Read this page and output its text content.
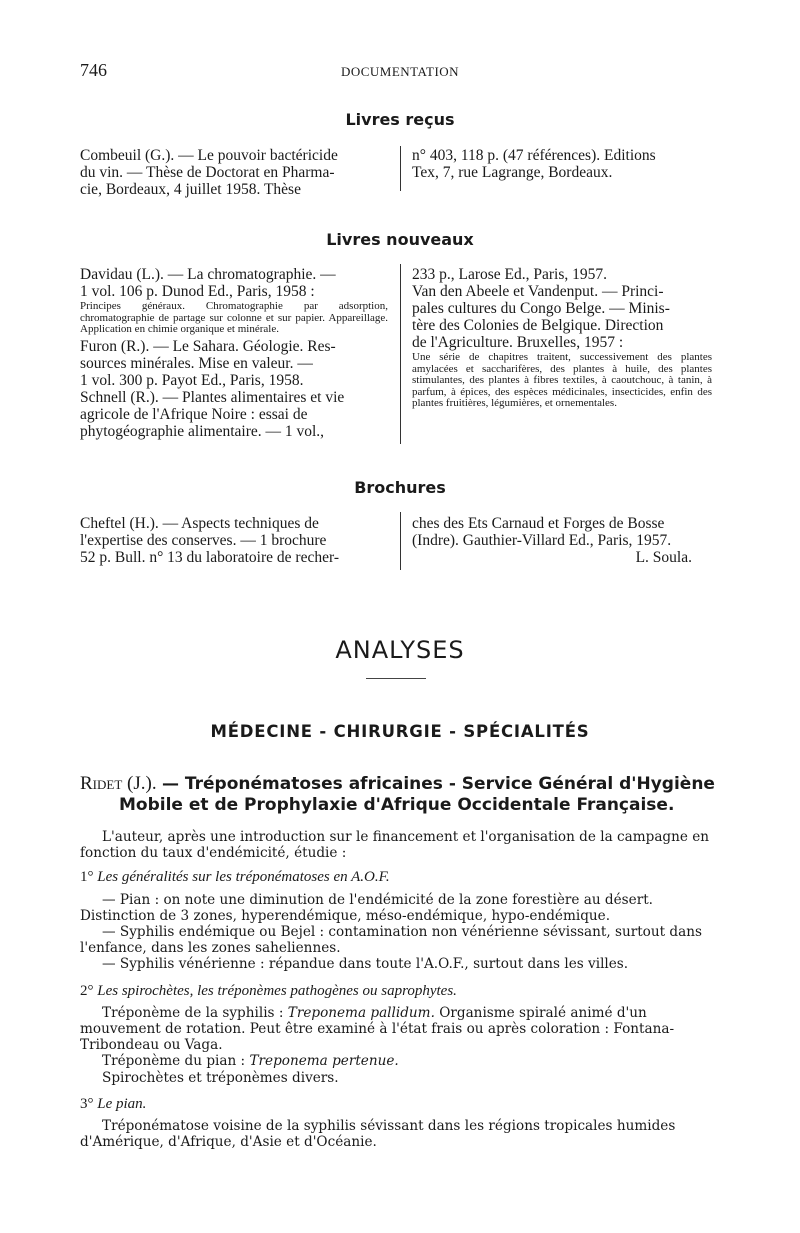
746	DOCUMENTATION
Livres reçus
Combeuil (G.). — Le pouvoir bactéricide
du vin. — Thèse de Doctorat en Pharma-
cie, Bordeaux, 4 juillet 1958. Thèse
n° 403, 118 p. (47 références). Editions
Tex, 7, rue Lagrange, Bordeaux.
Livres nouveaux
Davidau (L.). — La chromatographie. —
1 vol. 106 p. Dunod Ed., Paris, 1958 :
Principes généraux. Chromatographie par adsorption, chromatographie de partage sur colonne et sur papier. Appareillage. Application en chimie organique et minérale.
Furon (R.). — Le Sahara. Géologie. Res-
sources minérales. Mise en valeur. —
1 vol. 300 p. Payot Ed., Paris, 1958.
Schnell (R.). — Plantes alimentaires et vie
agricole de l'Afrique Noire : essai de
phytogéographie alimentaire. — 1 vol.,
233 p., Larose Ed., Paris, 1957.
Van den Abeele et Vandenput. — Princi-
pales cultures du Congo Belge. — Minis-
tère des Colonies de Belgique. Direction
de l'Agriculture. Bruxelles, 1957 :
Une série de chapitres traitent, successivement des plantes amylacées et saccharifères, des plantes à huile, des plantes stimulantes, des plantes à fibres textiles, à caoutchouc, à tanin, à parfum, à épices, des espèces médicinales, insecticides, enfin des plantes fruitières, légumières, et ornementales.
Brochures
Cheftel (H.). — Aspects techniques de
l'expertise des conserves. — 1 brochure
52 p. Bull. n° 13 du laboratoire de recher-
ches des Ets Carnaud et Forges de Bosse
(Indre). Gauthier-Villard Ed., Paris, 1957.
L. Soula.
ANALYSES
MÉDECINE - CHIRURGIE - SPÉCIALITÉS
Ridet (J.). — Tréponématoses africaines - Service Général d'Hygiène
Mobile et de Prophylaxie d'Afrique Occidentale Française.

L'auteur, après une introduction sur le financement et l'organisation de la campagne en fonction du taux d'endémicité, étudie :

1° Les généralités sur les tréponématoses en A.O.F.

— Pian : on note une diminution de l'endémicité de la zone forestière au désert. Distinction de 3 zones, hyperendémique, méso-endémique, hypo-endémique.

— Syphilis endémique ou Bejel : contamination non vénérienne sévissant, surtout dans l'enfance, dans les zones saheliennes.

— Syphilis vénérienne : répandue dans toute l'A.O.F., surtout dans les villes.

2° Les spirochètes, les tréponèmes pathogènes ou saprophytes.

Tréponème de la syphilis : Treponema pallidum. Organisme spiralé animé d'un mouvement de rotation. Peut être examiné à l'état frais ou après coloration : Fontana-Tribondeau ou Vaga.

Tréponème du pian : Treponema pertenue.

Spirochètes et tréponèmes divers.

3° Le pian.

Tréponématose voisine de la syphilis sévissant dans les régions tropicales humides d'Amérique, d'Afrique, d'Asie et d'Océanie.
